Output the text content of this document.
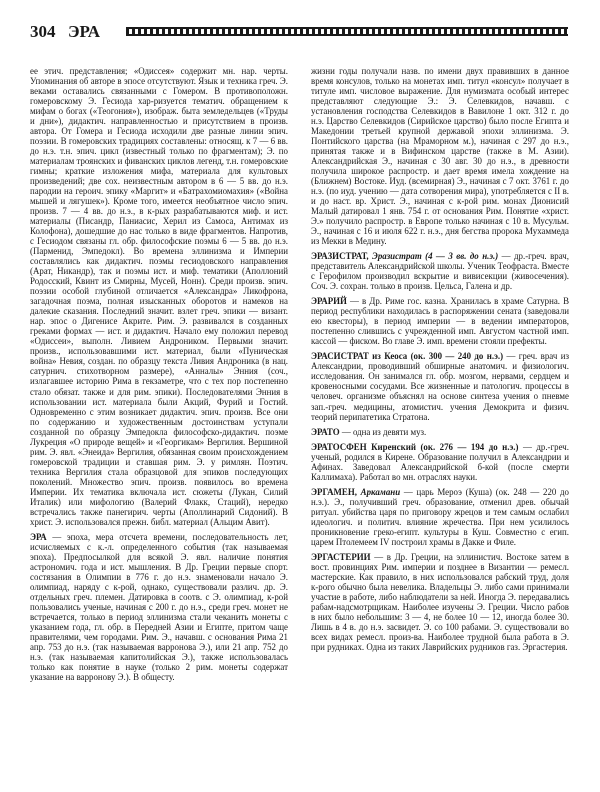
304 ЭРА

ее этич. представления; «Одиссея» содержит мн. нар. черты. Упоминания об авторе в эпосе отсутствуют. Язык и техника греч. Э. веками оставались связанными с Гомером. В противоположн. гомеровскому Э. Гесиода хар-ризуется тематич. обращением к мифам о богах («Теогония»), изображ. быта земледельцев («Труды и дни»), дидактич. направленностью и присутствием в произв. автора. От Гомера и Гесиода исходили две разные линии эпич. поэзии. В гомеровских традициях составлены: относящ. к 7 — 6 вв. до н.э. т.н. эпич. цикл (известный только по фрагментам); Э. по материалам троянских и фиванских циклов легенд, т.н. гомеровские гимны; краткие изложения мифа, материала для культовых произведений; две сох. неизвестным автором в 6 — 5 вв. до н.э. пародии на героич. эпику «Маргит» и «Батрахомиомахия» («Война мышей и лягушек»). Кроме того, имеется необъятное число эпич. произв. 7 — 4 вв. до н.э., в к-рых разрабатываются миф. и ист. материалы (Писандр, Паниасис, Херил из Самоса, Антимах из Колофона), дошедшие до нас только в виде фрагментов. Напротив, с Гесиодом связаны гл. обр. философские поэмы 6 — 5 вв. до н.э. (Парменид, Эмпедокл). Во времена эллинизма и Империи составлялись как дидактич. поэмы гесиодовского направления (Арат, Никандр), так и поэмы ист. и миф. тематики (Аполлоний Родосский, Квинт из Смирны, Мусей, Нонн). Среди произв. эпич. поэзии особой глубиной отличается «Александра» Ликофрона, загадочная поэма, полная изысканных оборотов и намеков на далекие сказания. Последний значит. взлет греч. эпики — визант. нар. эпос о Дигенисе Акрите. Рим. Э. развивался в созданных греками формах — ист. и дидактич. Начало ему положил перевод «Одиссеи», выполн. Ливием Андроником. Первыми значит. произв., использовавшими ист. материал, были «Пуническая война» Невия, создан. по образцу текста Ливия Андроника (в нац. сатурнич. стихотворном размере), «Анналы» Энния (соч., излагавшее историю Рима в гекзаметре, что с тех пор постепенно стало обязат. также и для рим. эпики). Последователями Энния в использовании ист. материала были Акций, Фурий и Гостий. Одновременно с этим возникает дидактич. эпич. произв. Все они по содержанию и художественным достоинствам уступали созданной по образцу Эмпедокла философско-дидактич. поэме Лукреция «О природе вещей» и «Георгикам» Вергилия. Вершиной рим. Э. явл. «Энеида» Вергилия, обязанная своим происхождением гомеровской традиции и ставшая рим. Э. у римлян. Поэтич. техника Вергилия стала образцовой для эпиков последующих поколений. Множество эпич. произв. появилось во времена Империи. Их тематика включала ист. сюжеты (Лукан, Силий Италик) или мифологию (Валерий Флакк, Стаций), нередко встречались также панегирич. черты (Аполлинарий Сидоний). В христ. Э. использовался прежн. библ. материал (Альцим Авит).

ЭРА — эпоха, мера отсчета времени, последовательность лет, исчисляемых с к.-л. определенного события (так называемая эпоха). Предпосылкой для всякой Э. явл. наличие понятия астрономич. года и ист. мышления. В Др. Греции первые спорт. состязания в Олимпии в 776 г. до н.э. знаменовали начало Э. олимпиад, наряду с к-рой, однако, существовали различ. др. Э. отдельных греч. племен. Датировка в соотв. с Э. олимпиад, к-рой пользовались ученые, начиная с 200 г. до н.э., среди греч. монет не встречается, только в период эллинизма стали чеканить монеты с указанием года, гл. обр. в Передней Азии и Египте, притом чаще правителями, чем городами. Рим. Э., начавш. с основания Рима 21 апр. 753 до н.э. (так называемая варронова Э.), или 21 апр. 752 до н.э. (так называемая капитолийская Э.), также использовалась только как понятие в науке (только 2 рим. монеты содержат указание на варронову Э.). В общесту.

жизни годы получали назв. по имени двух правивших в данное время консулов, только на монетах имп. титул «консул» получает в титуле имп. числовое выражение. Для нумизмата особый интерес представляют следующие Э.: Э. Селевкидов, начавш. с установления господства Селевкидов в Вавилоне 1 окт. 312 г. до н.э. Царство Селевкидов (Сирийское царство) было после Египта и Македонии третьей крупной державой эпохи эллинизма. Э. Понтийского царства (на Мраморном м.), начиная с 297 до н.э., принятая также и в Вифинском царстве (также в М. Азии). Александрийская Э., начиная с 30 авг. 30 до н.э., в древности получила широкое распростр. и дает время имела хождение на (Ближнем) Востоке. Иуд. (всемирная) Э., начиная с 7 окт. 3761 г. до н.э. (по иуд. учению — дата сотворения мира), употребляется с II в. и до наст. вр. Христ. Э., начиная с к-рой рим. монах Дионисий Малый датировал 1 янв. 754 г. от основания Рим. Понятие «христ. Э.» получило распростр. в Европе только начиная с 10 в. Мусульм. Э., начиная с 16 и июля 622 г. н.э., дня бегства пророка Мухаммеда из Мекки в Медину.

ЭРАЗИСТРАТ, Эразистрат (4 — 3 вв. до н.э.) — др.-греч. врач, представитель Александрийской школы. Ученик Теофраста. Вместе с Герофилом производил вскрытие и вивисекции (живосечения). Соч. Э. сохран. только в произв. Цельса, Галена и др.

ЭРАРИЙ — в Др. Риме гос. казна. Хранилась в храме Сатурна. В период республики находилась в распоряжении сената (заведовали ею квесторы), в период империи — в ведении императоров, постепенно слившись с учрежденной имп. Августом частной имп. кассой — фиском. Во главе Э. имп. времени стояли префекты.

ЭРАСИСТРАТ из Кеоса (ок. 300 — 240 до н.э.) — греч. врач из Александрии, проводивший обширные анатомич. и физиологич. исследования. Он занимался гл. обр. мозгом, нервами, сердцем и кровеносными сосудами. Все жизненные и патологич. процессы в человеч. организме объяснял на основе синтеза учения о пневме зап.-греч. медицины, атомистич. учения Демокрита и физич. теорий перипатетика Стратона.

ЭРАТО — одна из девяти муз.

ЭРАТОСФЕН Киренский (ок. 276 — 194 до н.э.) — др.-греч. ученый, родился в Кирене. Образование получил в Александрии и Афинах. Заведовал Александрийской б-кой (после смерти Каллимаха). Работал во мн. отраслях науки.

ЭРГАМЕН, Аркамани — царь Мероэ (Куша) (ок. 248 — 220 до н.э.). Э., получивший греч. образование, отменил древ. обычай ритуал. убийства царя по приговору жрецов и тем самым ослабил идеологич. и политич. влияние жречества. При нем усилилось проникновение греко-египт. культуры в Куш. Совместно с егип. царем Птолемеем IV построил храмы в Дакке и Филе.

ЭРГАСТЕРИИ — в Др. Греции, на эллинистич. Востоке затем в вост. провинциях Рим. империи и позднее в Византии — ремесл. мастерские. Как правило, в них использовался рабский труд, доля к-рого обычно была невелика. Владельцы Э. либо сами принимали участие в работе, либо наблюдатели за ней. Иногда Э. передавались рабам-надсмотрщикам. Наиболее изучены Э. Греции. Число рабов в них было небольшим: 3 — 4, не более 10 — 12, иногда более 30. Лишь в 4 в. до н.э. засвидет. Э. со 100 рабами. Э. существовали во всех видах ремесл. произ-ва. Наиболее трудной была работа в Э. при рудниках. Одна из таких Лаврийских рудников газ. Эргастерия.
